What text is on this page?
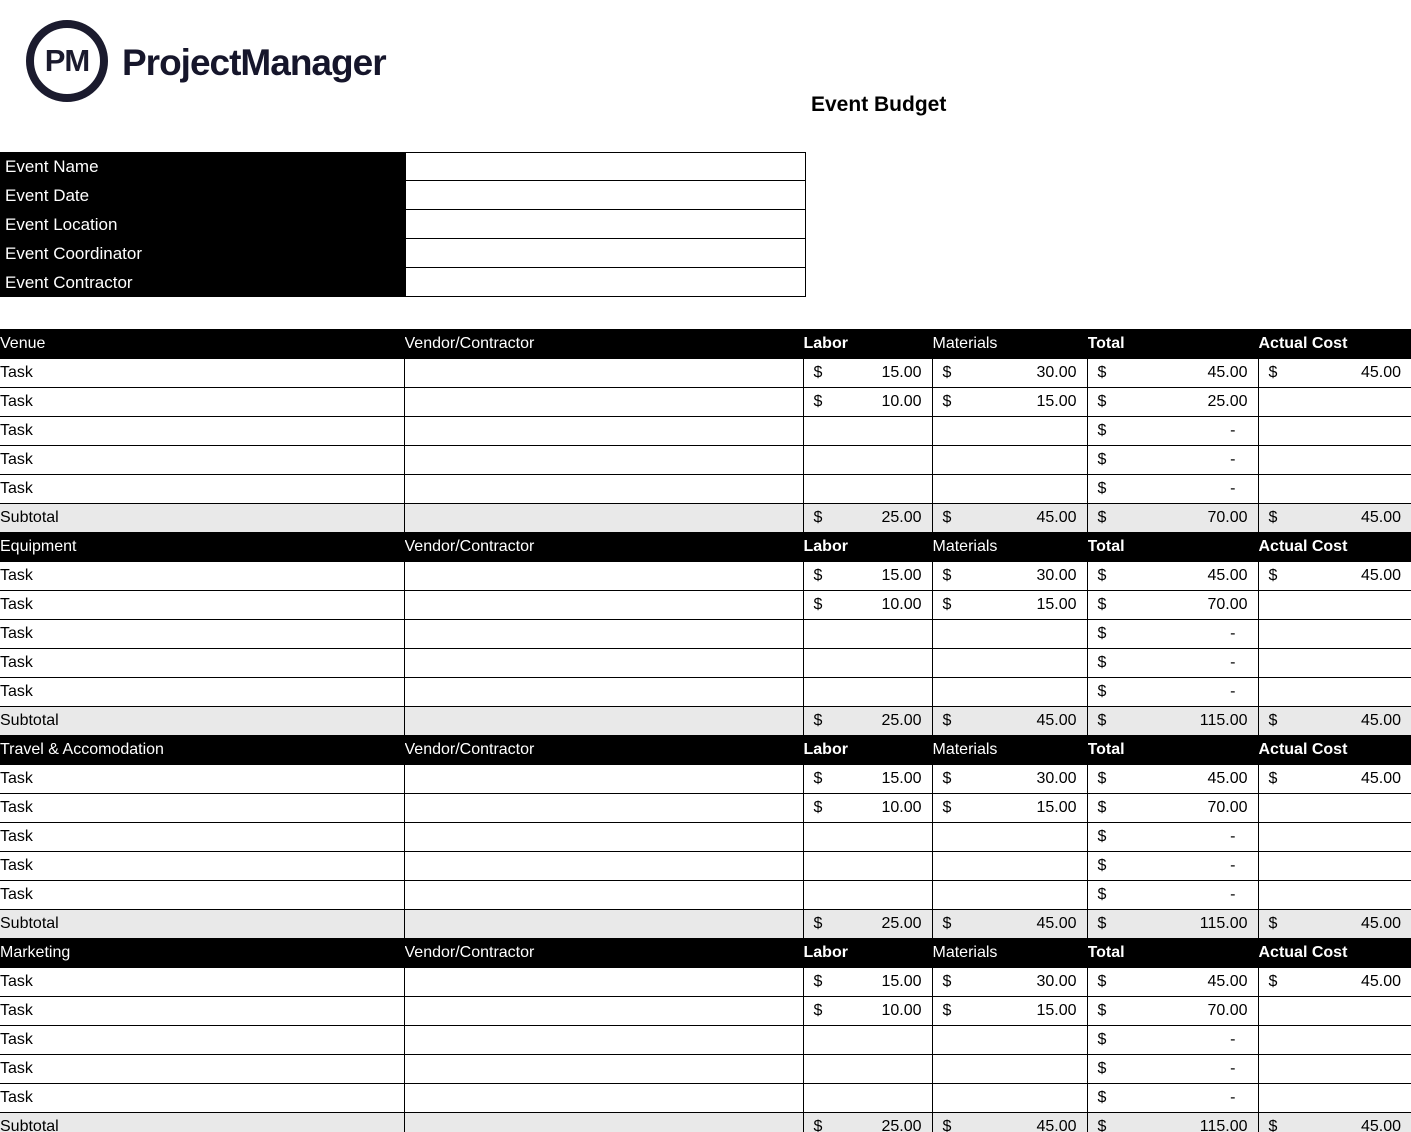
PM ProjectManager
Event Budget
Event Name
Event Date
Event Location
Event Coordinator
Event Contractor
Venue	Vendor/Contractor	Labor	Materials	Total	Actual Cost
Task		$ 15.00	$ 30.00	$ 45.00	$ 45.00

Task		$ 10.00	$ 15.00	$ 25.00	

Task				$ -	

Task				$ -	

Task				$ -	

Subtotal		$ 25.00	$ 45.00	$ 70.00	$ 45.00

Equipment	Vendor/Contractor	Labor	Materials	Total	Actual Cost
Task		$ 15.00	$ 30.00	$ 45.00	$ 45.00

Task		$ 10.00	$ 15.00	$ 70.00	

Task				$ -	

Task				$ -	

Task				$ -	

Subtotal		$ 25.00	$ 45.00	$ 115.00	$ 45.00

Travel & Accomodation	Vendor/Contractor	Labor	Materials	Total	Actual Cost
Task		$ 15.00	$ 30.00	$ 45.00	$ 45.00

Task		$ 10.00	$ 15.00	$ 70.00	

Task				$ -	

Task				$ -	

Task				$ -	

Subtotal		$ 25.00	$ 45.00	$ 115.00	$ 45.00

Marketing	Vendor/Contractor	Labor	Materials	Total	Actual Cost
Task		$ 15.00	$ 30.00	$ 45.00	$ 45.00

Task		$ 10.00	$ 15.00	$ 70.00	

Task				$ -	

Task				$ -	

Task				$ -	

Subtotal		$ 25.00	$ 45.00	$ 115.00	$ 45.00
